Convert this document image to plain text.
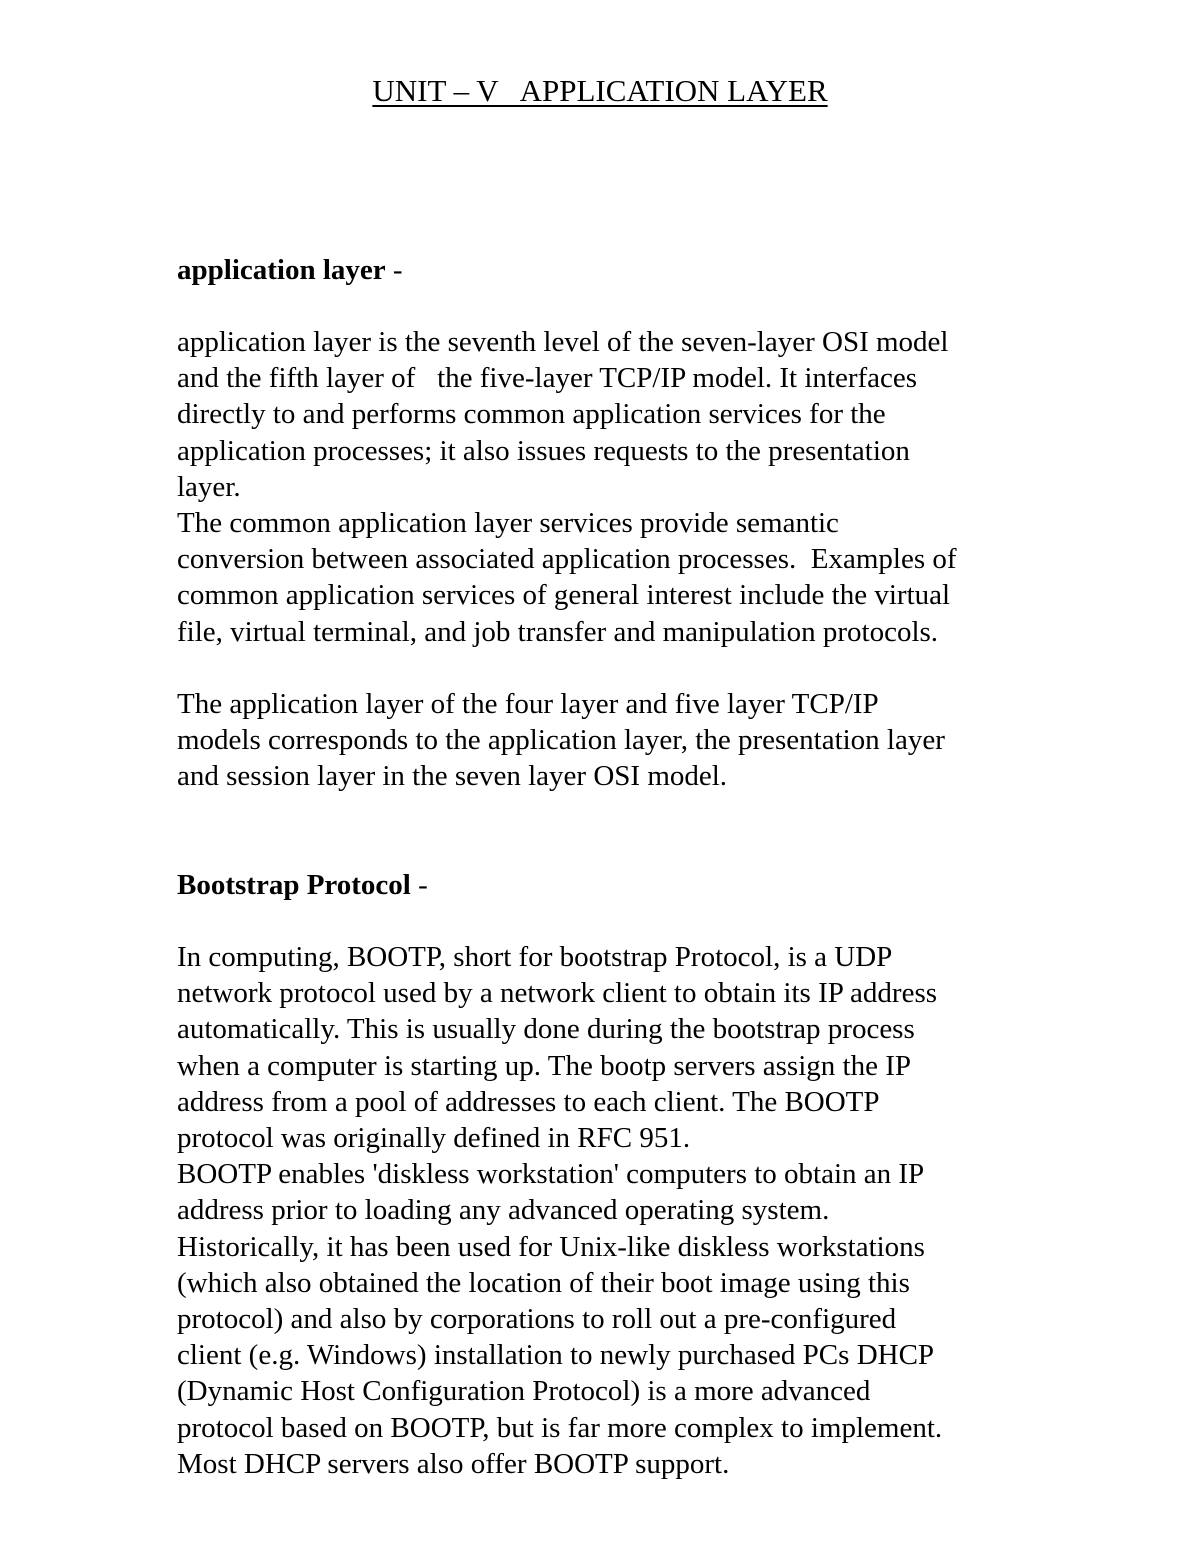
UNIT – V   APPLICATION LAYER
application layer -
application layer is the seventh level of the seven-layer OSI model
and the fifth layer of   the five-layer TCP/IP model. It interfaces
directly to and performs common application services for the
application processes; it also issues requests to the presentation
layer.
The common application layer services provide semantic
conversion between associated application processes.  Examples of
common application services of general interest include the virtual
file, virtual terminal, and job transfer and manipulation protocols.
The application layer of the four layer and five layer TCP/IP
models corresponds to the application layer, the presentation layer
and session layer in the seven layer OSI model.
Bootstrap Protocol -
In computing, BOOTP, short for bootstrap Protocol, is a UDP
network protocol used by a network client to obtain its IP address
automatically. This is usually done during the bootstrap process
when a computer is starting up. The bootp servers assign the IP
address from a pool of addresses to each client. The BOOTP
protocol was originally defined in RFC 951.
BOOTP enables 'diskless workstation' computers to obtain an IP
address prior to loading any advanced operating system.
Historically, it has been used for Unix-like diskless workstations
(which also obtained the location of their boot image using this
protocol) and also by corporations to roll out a pre-configured
client (e.g. Windows) installation to newly purchased PCs DHCP
(Dynamic Host Configuration Protocol) is a more advanced
protocol based on BOOTP, but is far more complex to implement.
Most DHCP servers also offer BOOTP support.
